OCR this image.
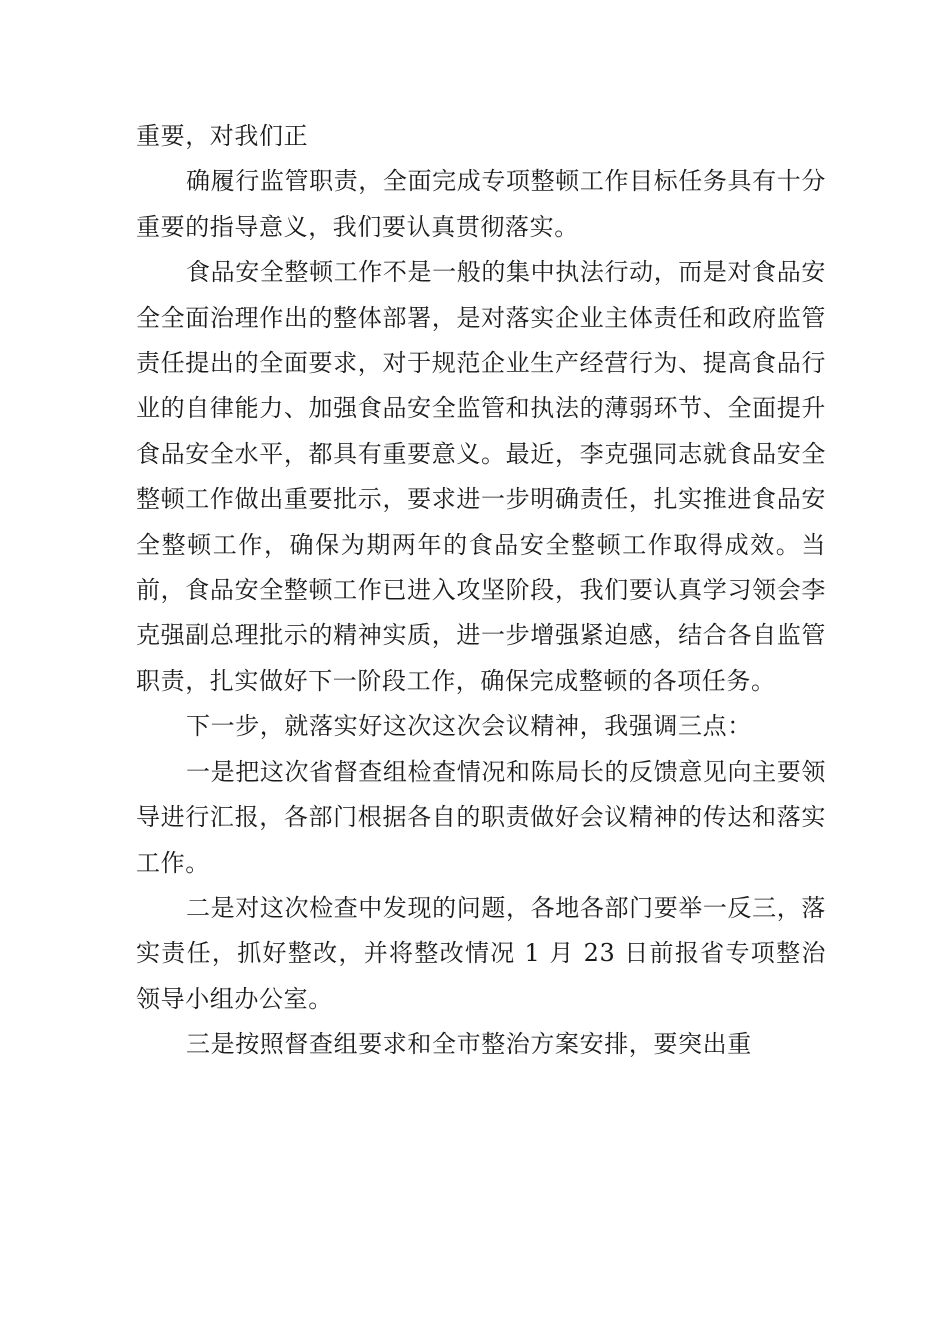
重要，对我们正

确履行监管职责，全面完成专项整顿工作目标任务具有十分重要的指导意义，我们要认真贯彻落实。

食品安全整顿工作不是一般的集中执法行动，而是对食品安全全面治理作出的整体部署，是对落实企业主体责任和政府监管责任提出的全面要求，对于规范企业生产经营行为、提高食品行业的自律能力、加强食品安全监管和执法的薄弱环节、全面提升食品安全水平，都具有重要意义。最近，李克强同志就食品安全整顿工作做出重要批示，要求进一步明确责任，扎实推进食品安全整顿工作，确保为期两年的食品安全整顿工作取得成效。当前，食品安全整顿工作已进入攻坚阶段，我们要认真学习领会李克强副总理批示的精神实质，进一步增强紧迫感，结合各自监管职责，扎实做好下一阶段工作，确保完成整顿的各项任务。

下一步，就落实好这次这次会议精神，我强调三点：

一是把这次省督查组检查情况和陈局长的反馈意见向主要领导进行汇报，各部门根据各自的职责做好会议精神的传达和落实工作。

二是对这次检查中发现的问题，各地各部门要举一反三，落实责任，抓好整改，并将整改情况 1 月 23 日前报省专项整治领导小组办公室。

三是按照督查组要求和全市整治方案安排，要突出重
